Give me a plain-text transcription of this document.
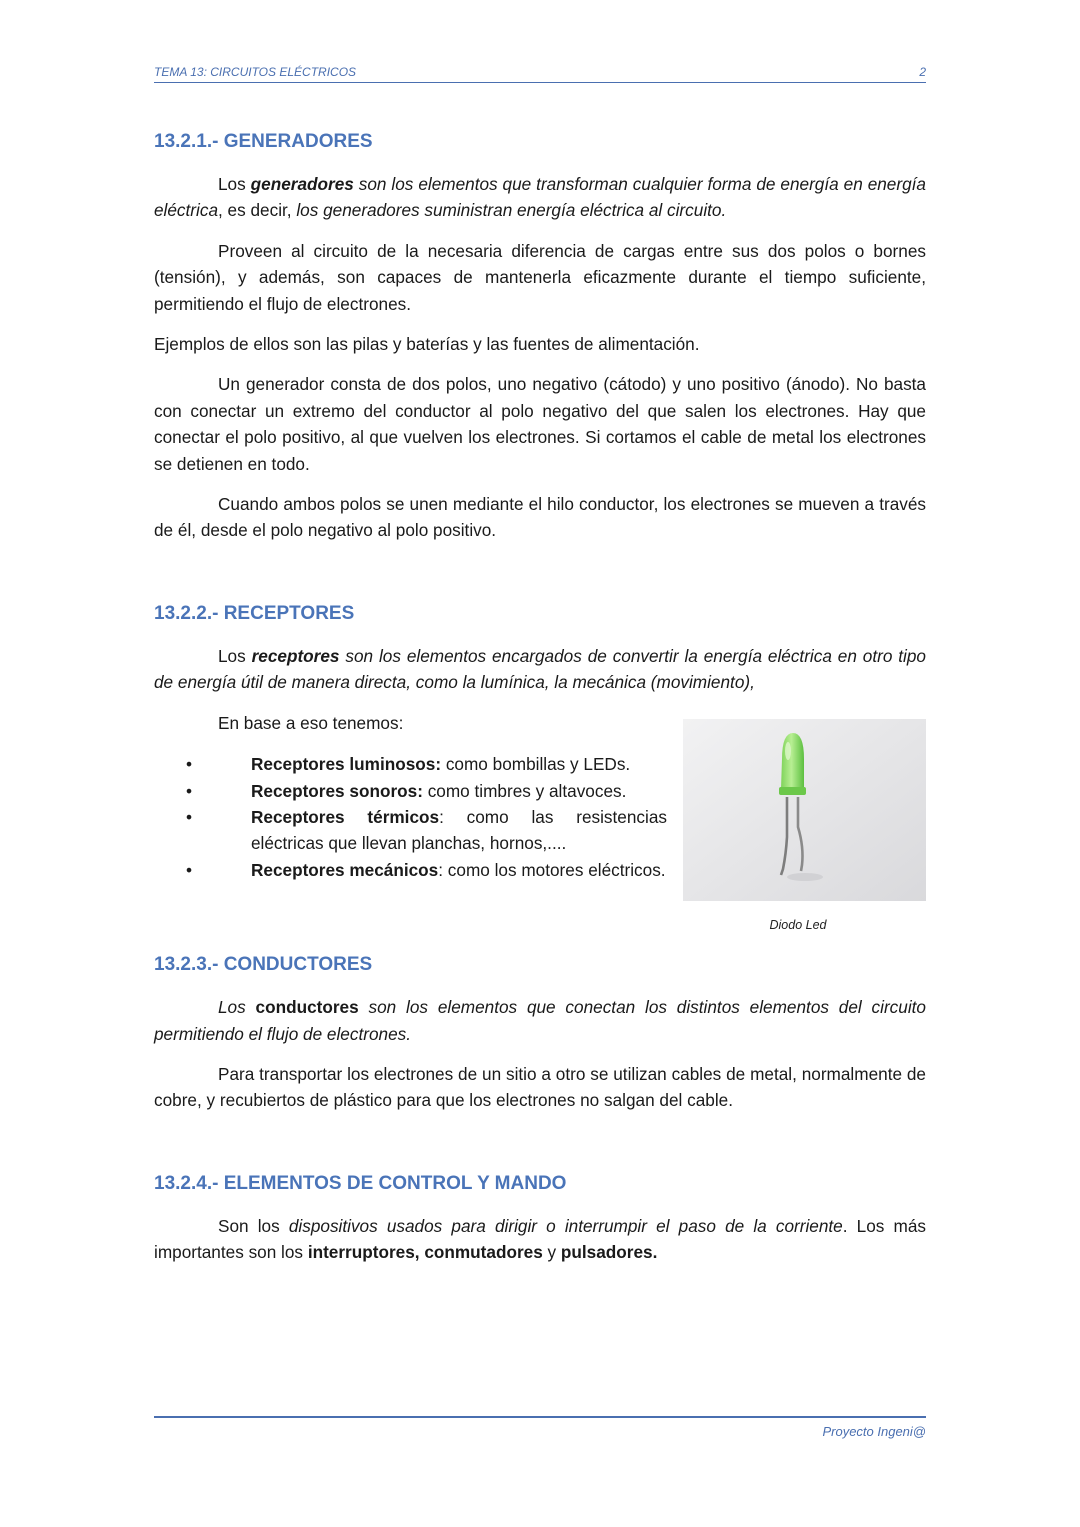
TEMA 13: CIRCUITOS ELÉCTRICOS	2
13.2.1.- GENERADORES

Los generadores son los elementos que transforman cualquier forma de energía en energía eléctrica, es decir, los generadores suministran energía eléctrica al circuito.

Proveen al circuito de la necesaria diferencia de cargas entre sus dos polos o bornes (tensión), y además, son capaces de mantenerla eficazmente durante el tiempo suficiente, permitiendo el flujo de electrones.

Ejemplos de ellos son las pilas y baterías y las fuentes de alimentación.

Un generador consta de dos polos, uno negativo (cátodo) y uno positivo (ánodo). No basta con conectar un extremo del conductor al polo negativo del que salen los electrones. Hay que conectar el polo positivo, al que vuelven los electrones. Si cortamos el cable de metal los electrones se detienen en todo.

Cuando ambos polos se unen mediante el hilo conductor, los electrones se mueven a través de él, desde el polo negativo al polo positivo.

13.2.2.- RECEPTORES

Los receptores son los elementos encargados de convertir la energía eléctrica en otro tipo de energía útil de manera directa, como la lumínica, la mecánica (movimiento),

En base a eso tenemos:

•	Receptores luminosos: como bombillas y LEDs.
•	Receptores sonoros: como timbres y altavoces.
•	Receptores térmicos: como las resistencias eléctricas que llevan planchas, hornos,....
•	Receptores mecánicos: como los motores eléctricos.
13.2.3.- CONDUCTORES

Los conductores son los elementos que conectan los distintos elementos del circuito permitiendo el flujo de electrones.

Para transportar los electrones de un sitio a otro se utilizan cables de metal, normalmente de cobre, y recubiertos de plástico para que los electrones no salgan del cable.

13.2.4.- ELEMENTOS DE CONTROL Y MANDO

Son los dispositivos usados para dirigir o interrumpir el paso de la corriente. Los más importantes son los interruptores, conmutadores y pulsadores.

Diodo Led
Proyecto Ingeni@
